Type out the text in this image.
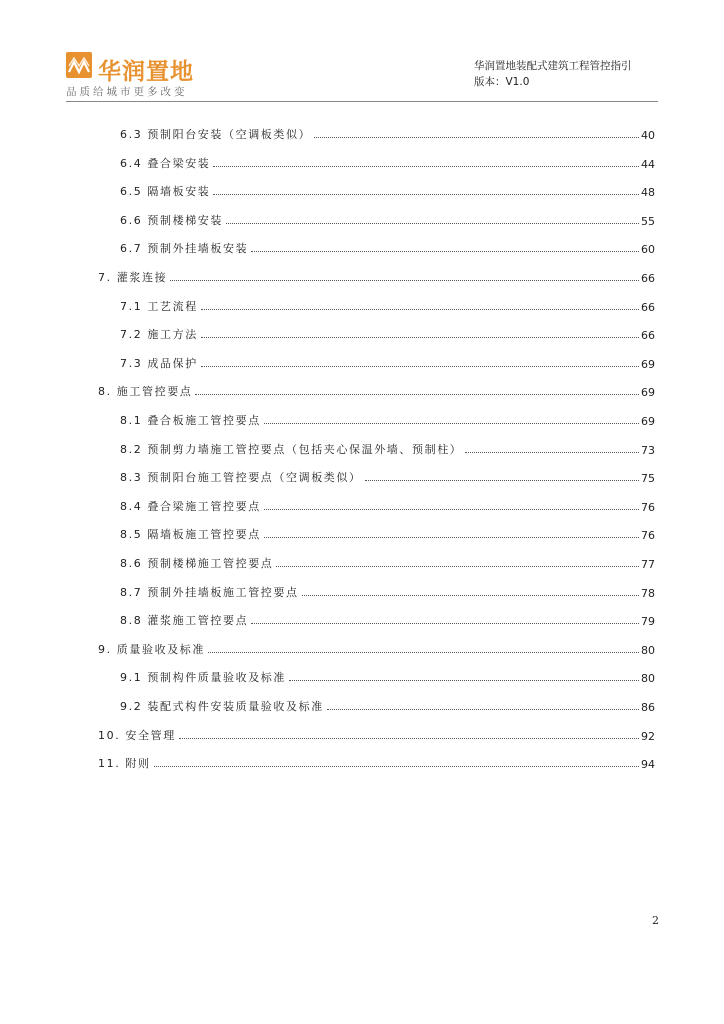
华润置地
品质给城市更多改变
华润置地装配式建筑工程管控指引
版本：V1.0
6.3 预制阳台安装（空调板类似）	40
6.4 叠合梁安装	44
6.5 隔墙板安装	48
6.6 预制楼梯安装	55
6.7 预制外挂墙板安装	60
7. 灌浆连接	66
7.1 工艺流程	66
7.2 施工方法	66
7.3 成品保护	69
8. 施工管控要点	69
8.1 叠合板施工管控要点	69
8.2 预制剪力墙施工管控要点（包括夹心保温外墙、预制柱）	73
8.3 预制阳台施工管控要点（空调板类似）	75
8.4 叠合梁施工管控要点	76
8.5 隔墙板施工管控要点	76
8.6 预制楼梯施工管控要点	77
8.7 预制外挂墙板施工管控要点	78
8.8 灌浆施工管控要点	79
9. 质量验收及标准	80
9.1 预制构件质量验收及标准	80
9.2 装配式构件安装质量验收及标准	86
10. 安全管理	92
11. 附则	94
2
